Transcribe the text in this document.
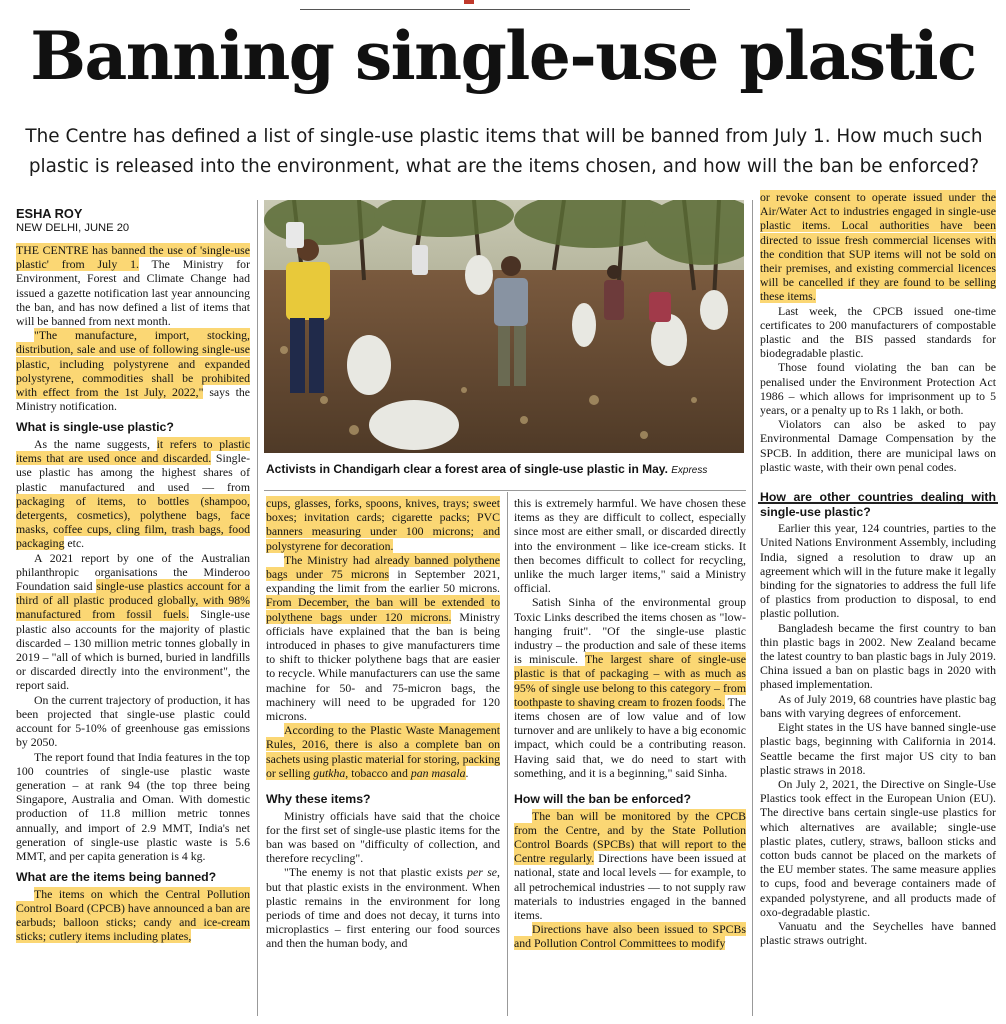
Banning single-use plastic
The Centre has defined a list of single-use plastic items that will be banned from July 1. How much such plastic is released into the environment, what are the items chosen, and how will the ban be enforced?
ESHA ROY
NEW DELHI, JUNE 20

THE CENTRE has banned the use of 'single-use plastic' from July 1. The Ministry for Environment, Forest and Climate Change had issued a gazette notification last year announcing the ban, and has now defined a list of items that will be banned from next month.

"The manufacture, import, stocking, distribution, sale and use of following single-use plastic, including polystyrene and expanded polystyrene, commodities shall be prohibited with effect from the 1st July, 2022," says the Ministry notification.

What is single-use plastic?

As the name suggests, it refers to plastic items that are used once and discarded. Single-use plastic has among the highest shares of plastic manufactured and used — from packaging of items, to bottles (shampoo, detergents, cosmetics), polythene bags, face masks, coffee cups, cling film, trash bags, food packaging etc.

A 2021 report by one of the Australian philanthropic organisations the Minderoo Foundation said single-use plastics account for a third of all plastic produced globally, with 98% manufactured from fossil fuels. Single-use plastic also accounts for the majority of plastic discarded – 130 million metric tonnes globally in 2019 – "all of which is burned, buried in landfills or discarded directly into the environment", the report said.

On the current trajectory of production, it has been projected that single-use plastic could account for 5-10% of greenhouse gas emissions by 2050.

The report found that India features in the top 100 countries of single-use plastic waste generation – at rank 94 (the top three being Singapore, Australia and Oman. With domestic production of 11.8 million metric tonnes annually, and import of 2.9 MMT, India's net generation of single-use plastic waste is 5.6 MMT, and per capita generation is 4 kg.

What are the items being banned?

The items on which the Central Pollution Control Board (CPCB) have announced a ban are earbuds; balloon sticks; candy and ice-cream sticks; cutlery items including plates,

Activists in Chandigarh clear a forest area of single-use plastic in May. Express

cups, glasses, forks, spoons, knives, trays; sweet boxes; invitation cards; cigarette packs; PVC banners measuring under 100 microns; and polystyrene for decoration.

The Ministry had already banned polythene bags under 75 microns in September 2021, expanding the limit from the earlier 50 microns. From December, the ban will be extended to polythene bags under 120 microns. Ministry officials have explained that the ban is being introduced in phases to give manufacturers time to shift to thicker polythene bags that are easier to recycle. While manufacturers can use the same machine for 50- and 75-micron bags, the machinery will need to be upgraded for 120 microns.

According to the Plastic Waste Management Rules, 2016, there is also a complete ban on sachets using plastic material for storing, packing or selling gutkha, tobacco and pan masala.

Why these items?

Ministry officials have said that the choice for the first set of single-use plastic items for the ban was based on "difficulty of collection, and therefore recycling".

"The enemy is not that plastic exists per se, but that plastic exists in the environment. When plastic remains in the environment for long periods of time and does not decay, it turns into microplastics – first entering our food sources and then the human body, and

this is extremely harmful. We have chosen these items as they are difficult to collect, especially since most are either small, or discarded directly into the environment – like ice-cream sticks. It then becomes difficult to collect for recycling, unlike the much larger items," said a Ministry official.

Satish Sinha of the environmental group Toxic Links described the items chosen as "low-hanging fruit". "Of the single-use plastic industry – the production and sale of these items is miniscule. The largest share of single-use plastic is that of packaging – with as much as 95% of single use belong to this category – from toothpaste to shaving cream to frozen foods. The items chosen are of low value and of low turnover and are unlikely to have a big economic impact, which could be a contributing reason. Having said that, we do need to start with something, and it is a beginning," said Sinha.

How will the ban be enforced?

The ban will be monitored by the CPCB from the Centre, and by the State Pollution Control Boards (SPCBs) that will report to the Centre regularly. Directions have been issued at national, state and local levels — for example, to all petrochemical industries — to not supply raw materials to industries engaged in the banned items.

Directions have also been issued to SPCBs and Pollution Control Committees to modify

or revoke consent to operate issued under the Air/Water Act to industries engaged in single-use plastic items. Local authorities have been directed to issue fresh commercial licenses with the condition that SUP items will not be sold on their premises, and existing commercial licences will be cancelled if they are found to be selling these items.

Last week, the CPCB issued one-time certificates to 200 manufacturers of compostable plastic and the BIS passed standards for biodegradable plastic.

Those found violating the ban can be penalised under the Environment Protection Act 1986 – which allows for imprisonment up to 5 years, or a penalty up to Rs 1 lakh, or both.

Violators can also be asked to pay Environmental Damage Compensation by the SPCB. In addition, there are municipal laws on plastic waste, with their own penal codes.

How are other countries dealing with single-use plastic?

Earlier this year, 124 countries, parties to the United Nations Environment Assembly, including India, signed a resolution to draw up an agreement which will in the future make it legally binding for the signatories to address the full life of plastics from production to disposal, to end plastic pollution.

Bangladesh became the first country to ban thin plastic bags in 2002. New Zealand became the latest country to ban plastic bags in July 2019. China issued a ban on plastic bags in 2020 with phased implementation.

As of July 2019, 68 countries have plastic bag bans with varying degrees of enforcement.

Eight states in the US have banned single-use plastic bags, beginning with California in 2014. Seattle became the first major US city to ban plastic straws in 2018.

On July 2, 2021, the Directive on Single-Use Plastics took effect in the European Union (EU). The directive bans certain single-use plastics for which alternatives are available; single-use plastic plates, cutlery, straws, balloon sticks and cotton buds cannot be placed on the markets of the EU member states. The same measure applies to cups, food and beverage containers made of expanded polystyrene, and all products made of oxo-degradable plastic.

Vanuatu and the Seychelles have banned plastic straws outright.
